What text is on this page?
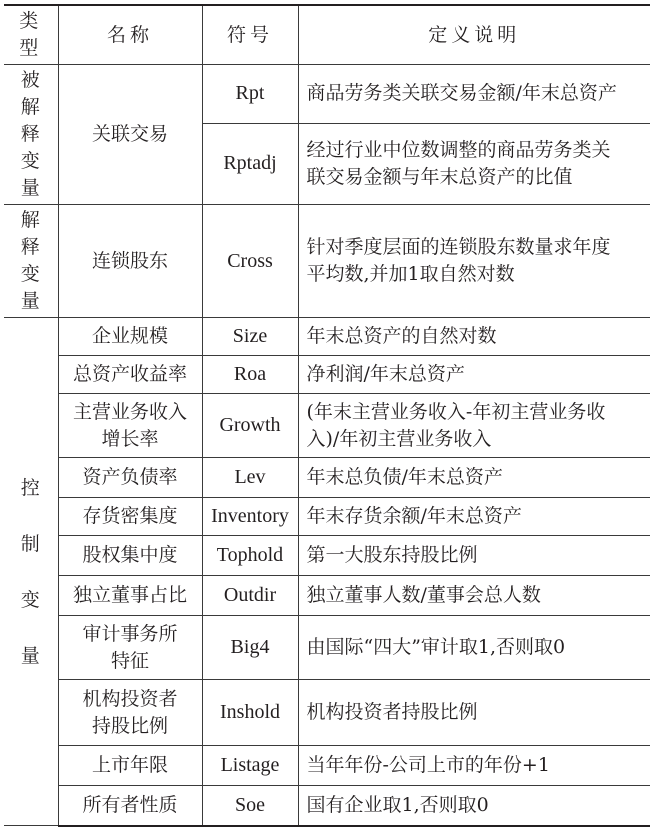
类型	名称	符号	定义说明

被
解释
变量	关联交易	Rpt	商品劳务类关联交易金额/年末总资产

		Rptadj	经过行业中位数调整的商品劳务类关
联交易金额与年末总资产的比值

解释
变量	连锁股东	Cross	针对季度层面的连锁股东数量求年度
平均数,并加1取自然对数

控
制
变
量	企业规模	Size	年末总资产的自然对数
	总资产收益率	Roa	净利润/年末总资产

	主营业务收入
增长率	Growth	(年末主营业务收入-年初主营业务收
入)/年初主营业务收入

	资产负债率	Lev	年末总负债/年末总资产
	存货密集度	Inventory	年末存货余额/年末总资产
	股权集中度	Tophold	第一大股东持股比例
	独立董事占比	Outdir	独立董事人数/董事会总人数

	审计事务所
特征	Big4	由国际“四大”审计取1,否则取0

	机构投资者
持股比例	Inshold	机构投资者持股比例
	上市年限	Listage	当年年份-公司上市的年份+1
	所有者性质	Soe	国有企业取1,否则取0
